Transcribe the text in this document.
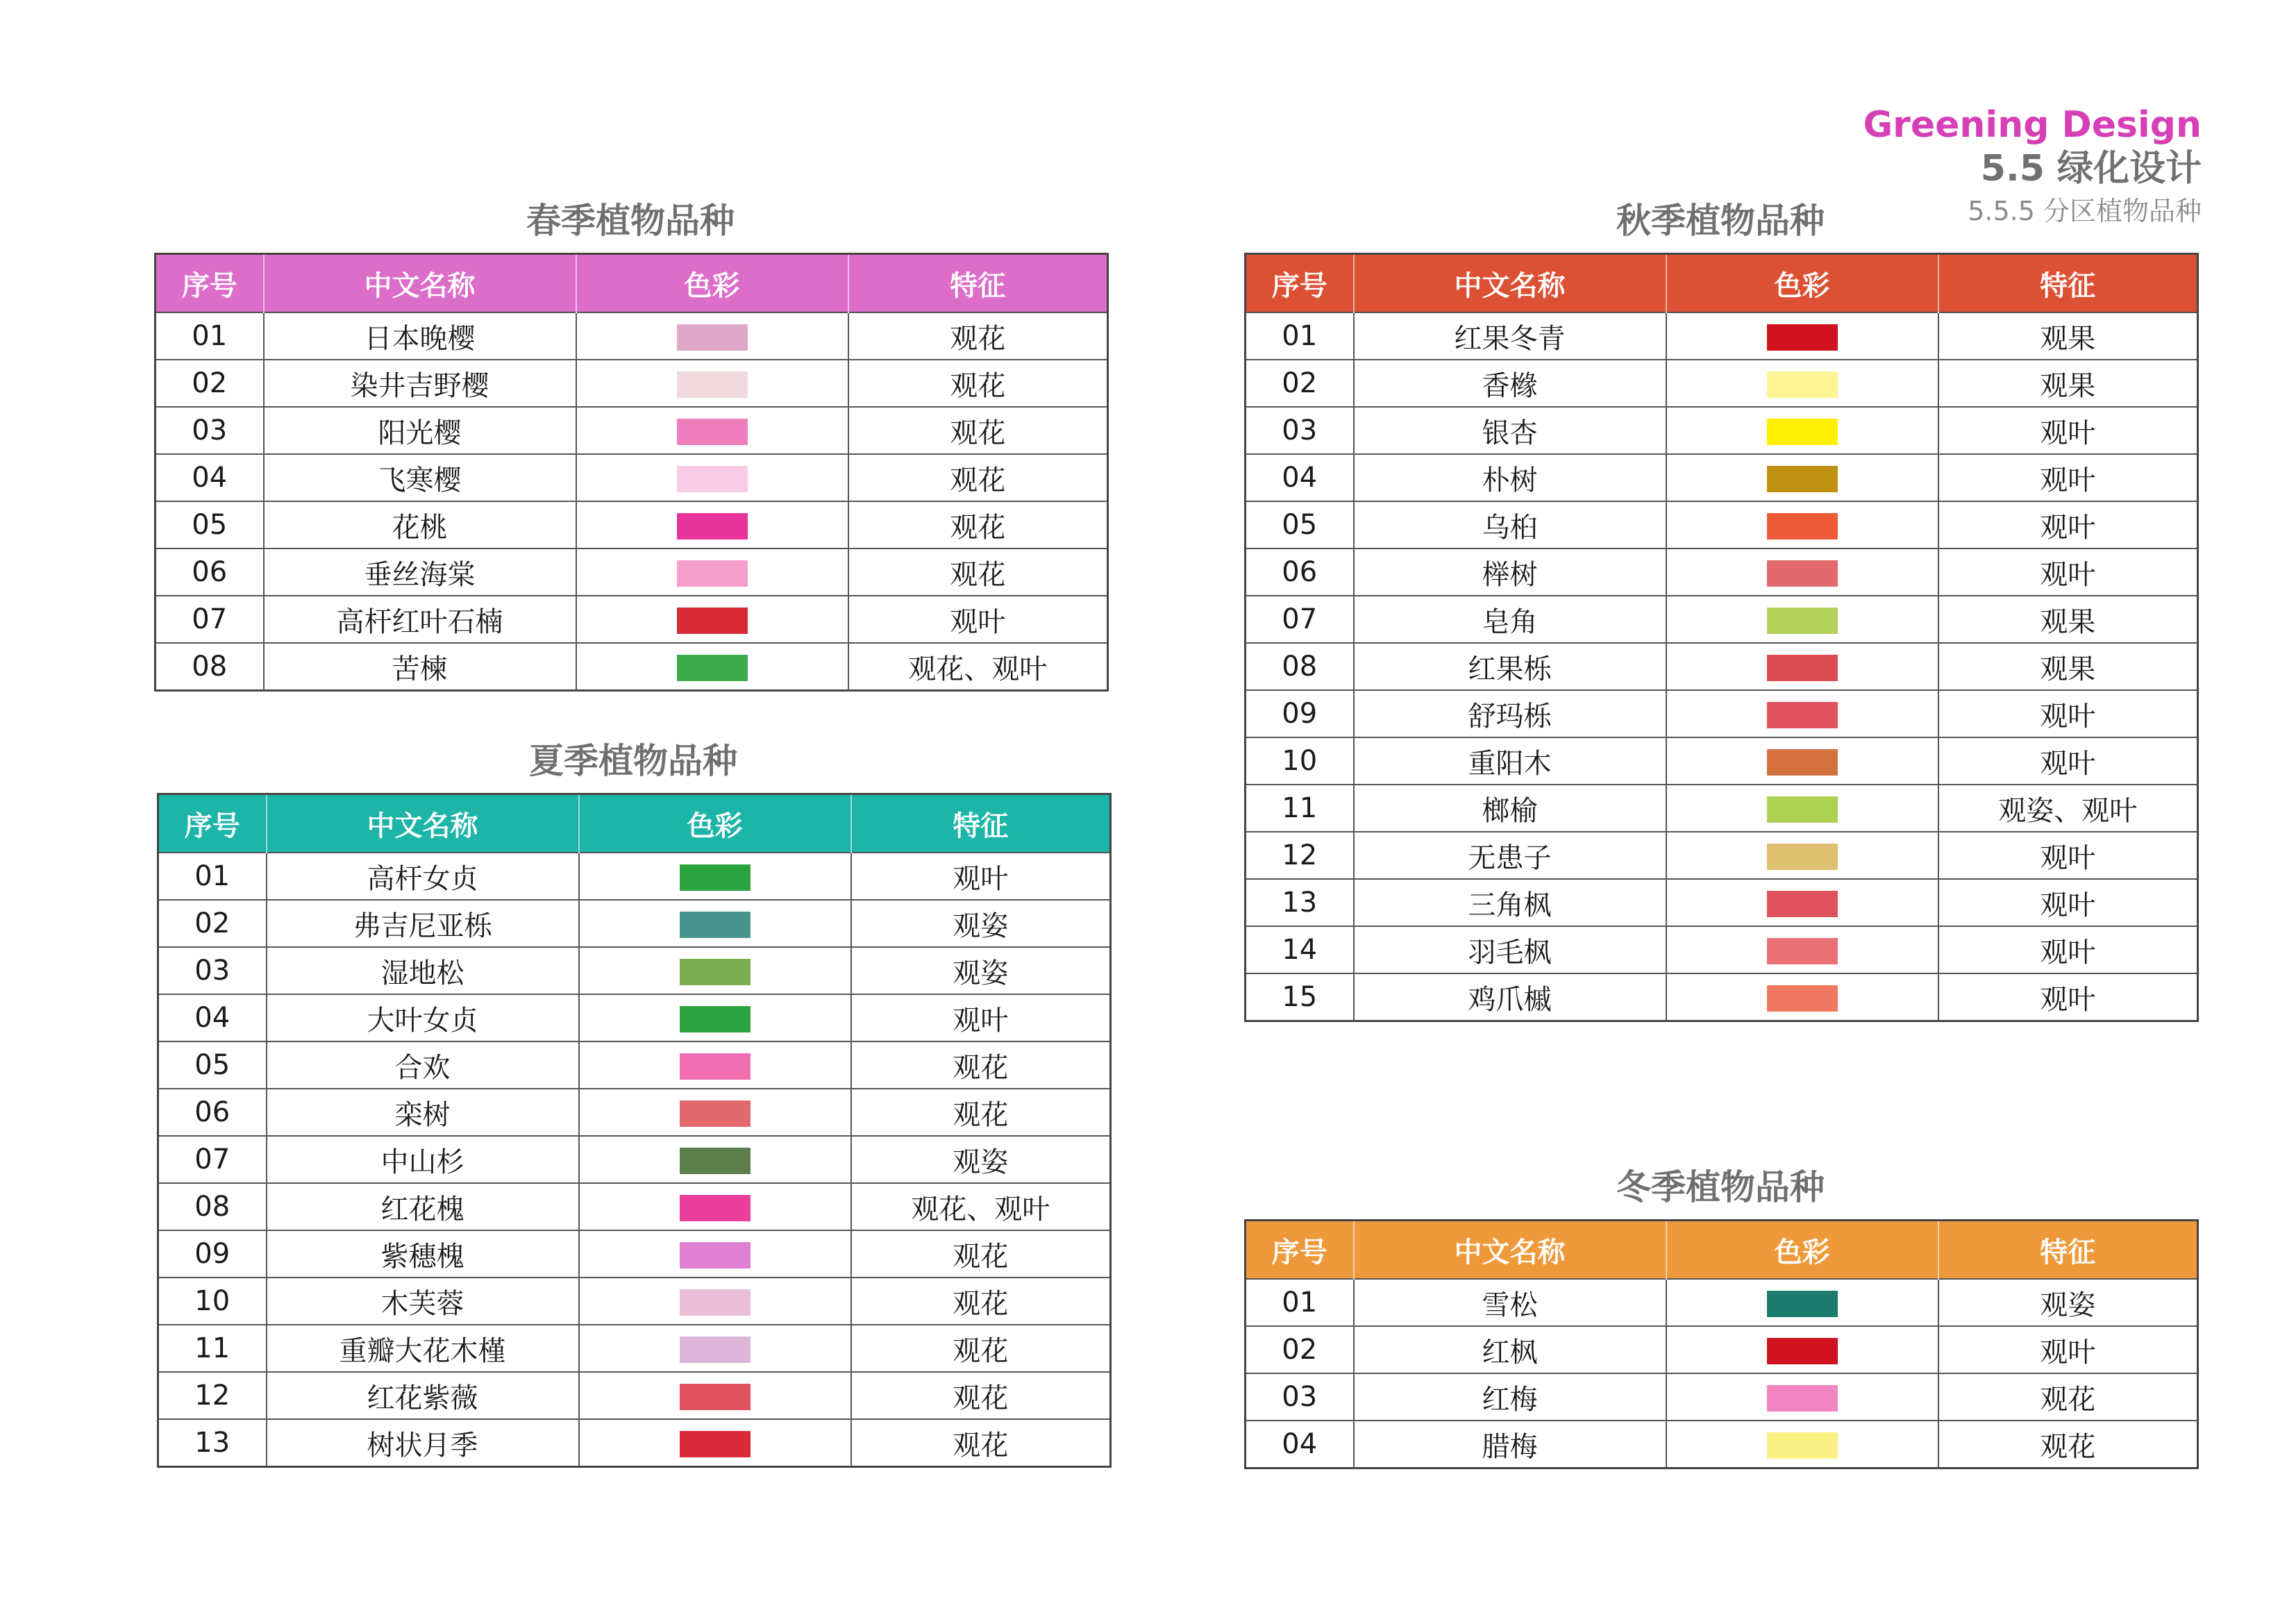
Greening Design
5.5 绿化设计
5.5.5 分区植物品种
春季植物品种
序号	中文名称	色彩	特征
01	日本晚樱		观花
02	染井吉野樱		观花
03	阳光樱		观花
04	飞寒樱		观花
05	花桃		观花
06	垂丝海棠		观花
07	高杆红叶石楠		观叶
08	苦楝		观花、观叶
夏季植物品种
序号	中文名称	色彩	特征
01	高杆女贞		观叶
02	弗吉尼亚栎		观姿
03	湿地松		观姿
04	大叶女贞		观叶
05	合欢		观花
06	栾树		观花
07	中山杉		观姿
08	红花槐		观花、观叶
09	紫穗槐		观花
10	木芙蓉		观花
11	重瓣大花木槿		观花
12	红花紫薇		观花
13	树状月季		观花
秋季植物品种
序号	中文名称	色彩	特征
01	红果冬青		观果
02	香橼		观果
03	银杏		观叶
04	朴树		观叶
05	乌桕		观叶
06	榉树		观叶
07	皂角		观果
08	红果栎		观果
09	舒玛栎		观叶
10	重阳木		观叶
11	榔榆		观姿、观叶
12	无患子		观叶
13	三角枫		观叶
14	羽毛枫		观叶
15	鸡爪槭		观叶
冬季植物品种
序号	中文名称	色彩	特征
01	雪松		观姿
02	红枫		观叶
03	红梅		观花
04	腊梅		观花
